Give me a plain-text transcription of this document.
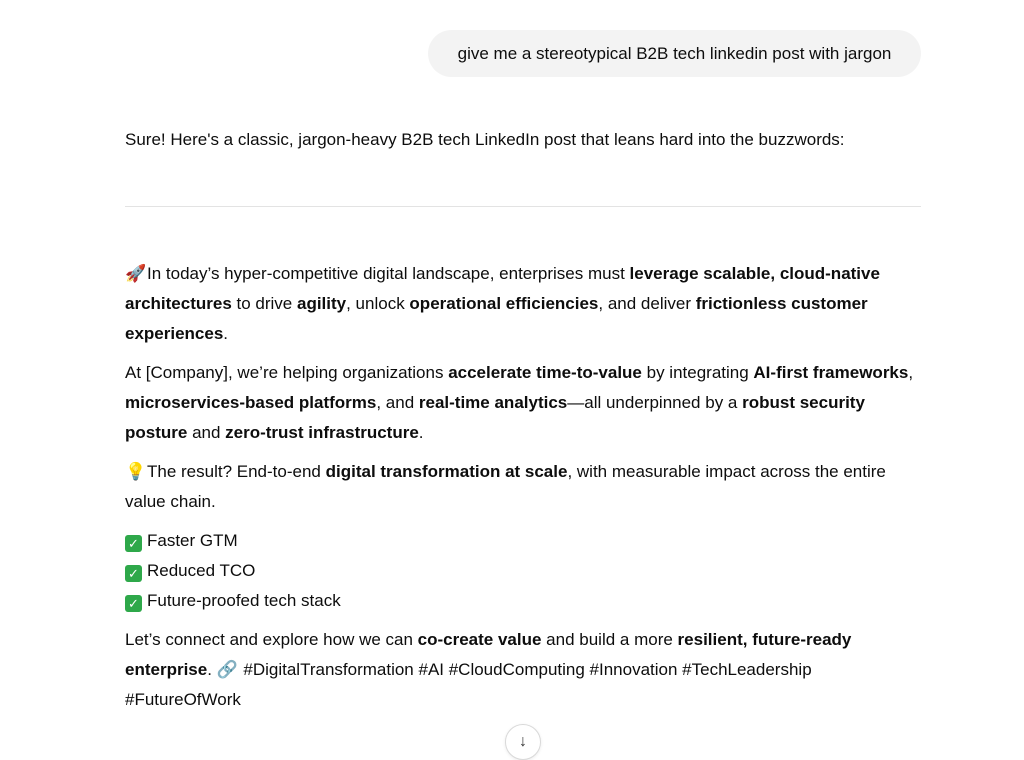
give me a stereotypical B2B tech linkedin post with jargon
Sure! Here's a classic, jargon-heavy B2B tech LinkedIn post that leans hard into the buzzwords:

🚀In today’s hyper-competitive digital landscape, enterprises must leverage scalable, cloud-native architectures to drive agility, unlock operational efficiencies, and deliver frictionless customer experiences.

At [Company], we’re helping organizations accelerate time-to-value by integrating AI-first frameworks, microservices-based platforms, and real-time analytics—all underpinned by a robust security posture and zero-trust infrastructure.

💡The result? End-to-end digital transformation at scale, with measurable impact across the entire value chain.

✓ Faster GTM
✓ Reduced TCO
✓ Future-proofed tech stack

Let’s connect and explore how we can co-create value and build a more resilient, future-ready enterprise. 🔗 #DigitalTransformation #AI #CloudComputing #Innovation #TechLeadership #FutureOfWork

↓
